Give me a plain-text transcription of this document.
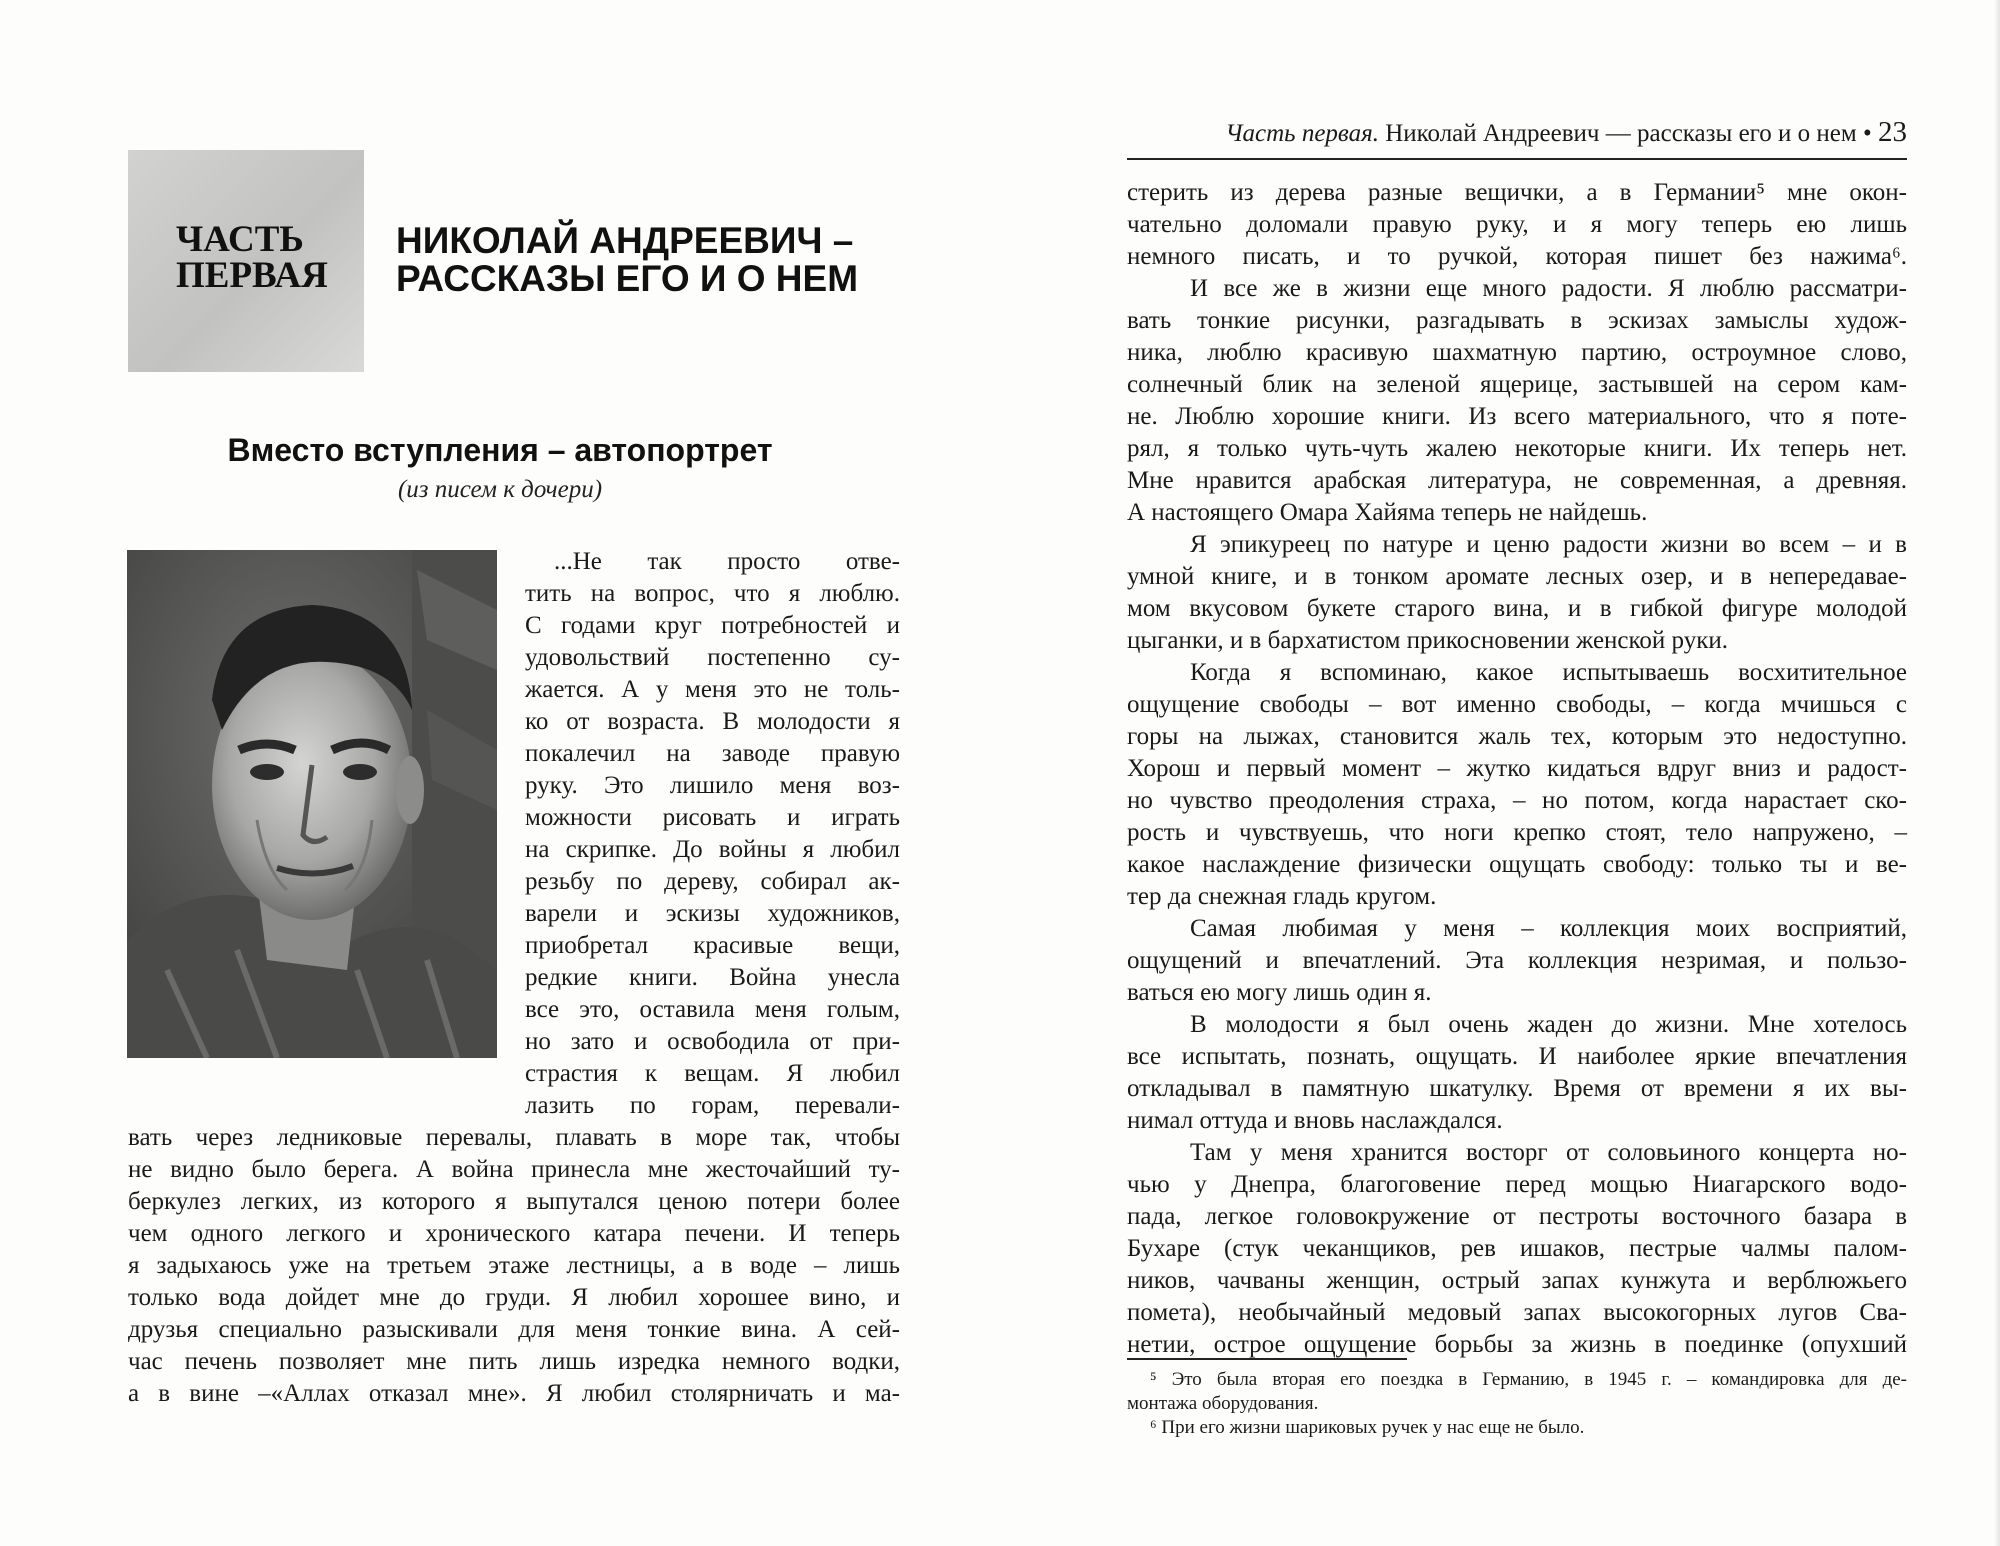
ЧАСТЬ
ПЕРВАЯ
НИКОЛАЙ АНДРЕЕВИЧ –
РАССКАЗЫ ЕГО И О НЕМ
Вместо вступления – автопортрет
(из писем к дочери)
...Не так просто отве-
тить на вопрос, что я люблю.
С годами круг потребностей и
удовольствий постепенно су-
жается. А у меня это не толь-
ко от возраста. В молодости я
покалечил на заводе правую
руку. Это лишило меня воз-
можности рисовать и играть
на скрипке. До войны я любил
резьбу по дереву, собирал ак-
варели и эскизы художников,
приобретал красивые вещи,
редкие книги. Война унесла
все это, оставила меня голым,
но зато и освободила от при-
страстия к вещам. Я любил
лазить по горам, перевали-
вать через ледниковые перевалы, плавать в море так, чтобы
не видно было берега. А война принесла мне жесточайший ту-
беркулез легких, из которого я выпутался ценою потери более
чем одного легкого и хронического катара печени. И теперь
я задыхаюсь уже на третьем этаже лестницы, а в воде – лишь
только вода дойдет мне до груди. Я любил хорошее вино, и
друзья специально разыскивали для меня тонкие вина. А сей-
час печень позволяет мне пить лишь изредка немного водки,
а в вине –«Аллах отказал мне». Я любил столярничать и ма-
Часть первая. Николай Андреевич — рассказы его и о нем • 23
стерить из дерева разные вещички, а в Германии⁵ мне окон-
чательно доломали правую руку, и я могу теперь ею лишь
немного писать, и то ручкой, которая пишет без нажима⁶.
И все же в жизни еще много радости. Я люблю рассматри-
вать тонкие рисунки, разгадывать в эскизах замыслы худож-
ника, люблю красивую шахматную партию, остроумное слово,
солнечный блик на зеленой ящерице, застывшей на сером кам-
не. Люблю хорошие книги. Из всего материального, что я поте-
рял, я только чуть-чуть жалею некоторые книги. Их теперь нет.
Мне нравится арабская литература, не современная, а древняя.
А настоящего Омара Хайяма теперь не найдешь.
Я эпикуреец по натуре и ценю радости жизни во всем – и в
умной книге, и в тонком аромате лесных озер, и в непередавае-
мом вкусовом букете старого вина, и в гибкой фигуре молодой
цыганки, и в бархатистом прикосновении женской руки.
Когда я вспоминаю, какое испытываешь восхитительное
ощущение свободы – вот именно свободы, – когда мчишься с
горы на лыжах, становится жаль тех, которым это недоступно.
Хорош и первый момент – жутко кидаться вдруг вниз и радост-
но чувство преодоления страха, – но потом, когда нарастает ско-
рость и чувствуешь, что ноги крепко стоят, тело напружено, –
какое наслаждение физически ощущать свободу: только ты и ве-
тер да снежная гладь кругом.
Самая любимая у меня – коллекция моих восприятий,
ощущений и впечатлений. Эта коллекция незримая, и пользо-
ваться ею могу лишь один я.
В молодости я был очень жаден до жизни. Мне хотелось
все испытать, познать, ощущать. И наиболее яркие впечатления
откладывал в памятную шкатулку. Время от времени я их вы-
нимал оттуда и вновь наслаждался.
Там у меня хранится восторг от соловьиного концерта но-
чью у Днепра, благоговение перед мощью Ниагарского водо-
пада, легкое головокружение от пестроты восточного базара в
Бухаре (стук чеканщиков, рев ишаков, пестрые чалмы палом-
ников, чачваны женщин, острый запах кунжута и верблюжьего
помета), необычайный медовый запах высокогорных лугов Сва-
нетии, острое ощущение борьбы за жизнь в поединке (опухший
⁵ Это была вторая его поездка в Германию, в 1945 г. – командировка для де-
монтажа оборудования.
⁶ При его жизни шариковых ручек у нас еще не было.
